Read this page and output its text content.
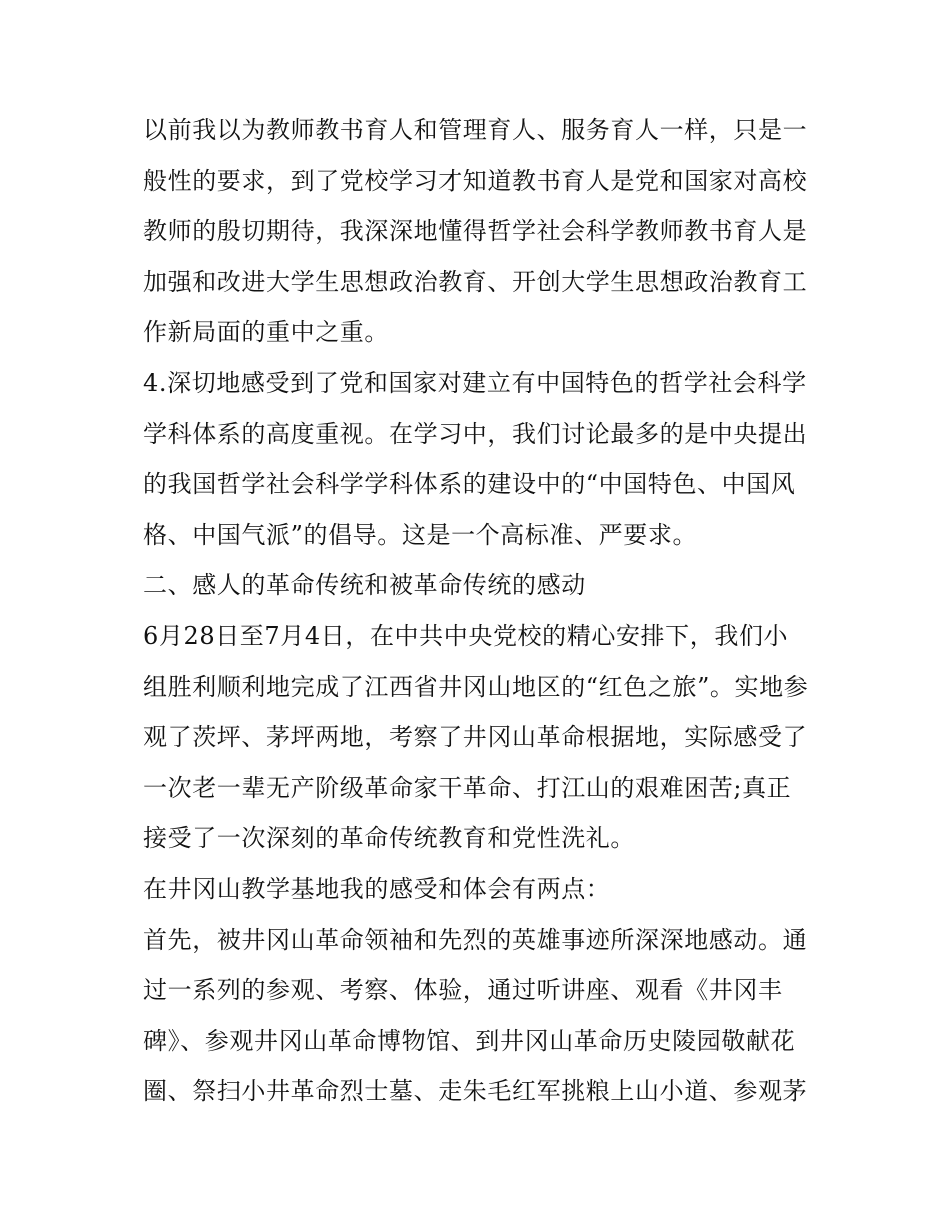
以前我以为教师教书育人和管理育人、服务育人一样，只是一
般性的要求，到了党校学习才知道教书育人是党和国家对高校
教师的殷切期待，我深深地懂得哲学社会科学教师教书育人是
加强和改进大学生思想政治教育、开创大学生思想政治教育工
作新局面的重中之重。
4.深切地感受到了党和国家对建立有中国特色的哲学社会科学
学科体系的高度重视。在学习中，我们讨论最多的是中央提出
的我国哲学社会科学学科体系的建设中的“中国特色、中国风
格、中国气派”的倡导。这是一个高标准、严要求。
二、感人的革命传统和被革命传统的感动
6月28日至7月4日，在中共中央党校的精心安排下，我们小
组胜利顺利地完成了江西省井冈山地区的“红色之旅”。实地参
观了茨坪、茅坪两地，考察了井冈山革命根据地，实际感受了
一次老一辈无产阶级革命家干革命、打江山的艰难困苦;真正
接受了一次深刻的革命传统教育和党性洗礼。
在井冈山教学基地我的感受和体会有两点：
首先，被井冈山革命领袖和先烈的英雄事迹所深深地感动。通
过一系列的参观、考察、体验，通过听讲座、观看《井冈丰
碑》、参观井冈山革命博物馆、到井冈山革命历史陵园敬献花
圈、祭扫小井革命烈士墓、走朱毛红军挑粮上山小道、参观茅
